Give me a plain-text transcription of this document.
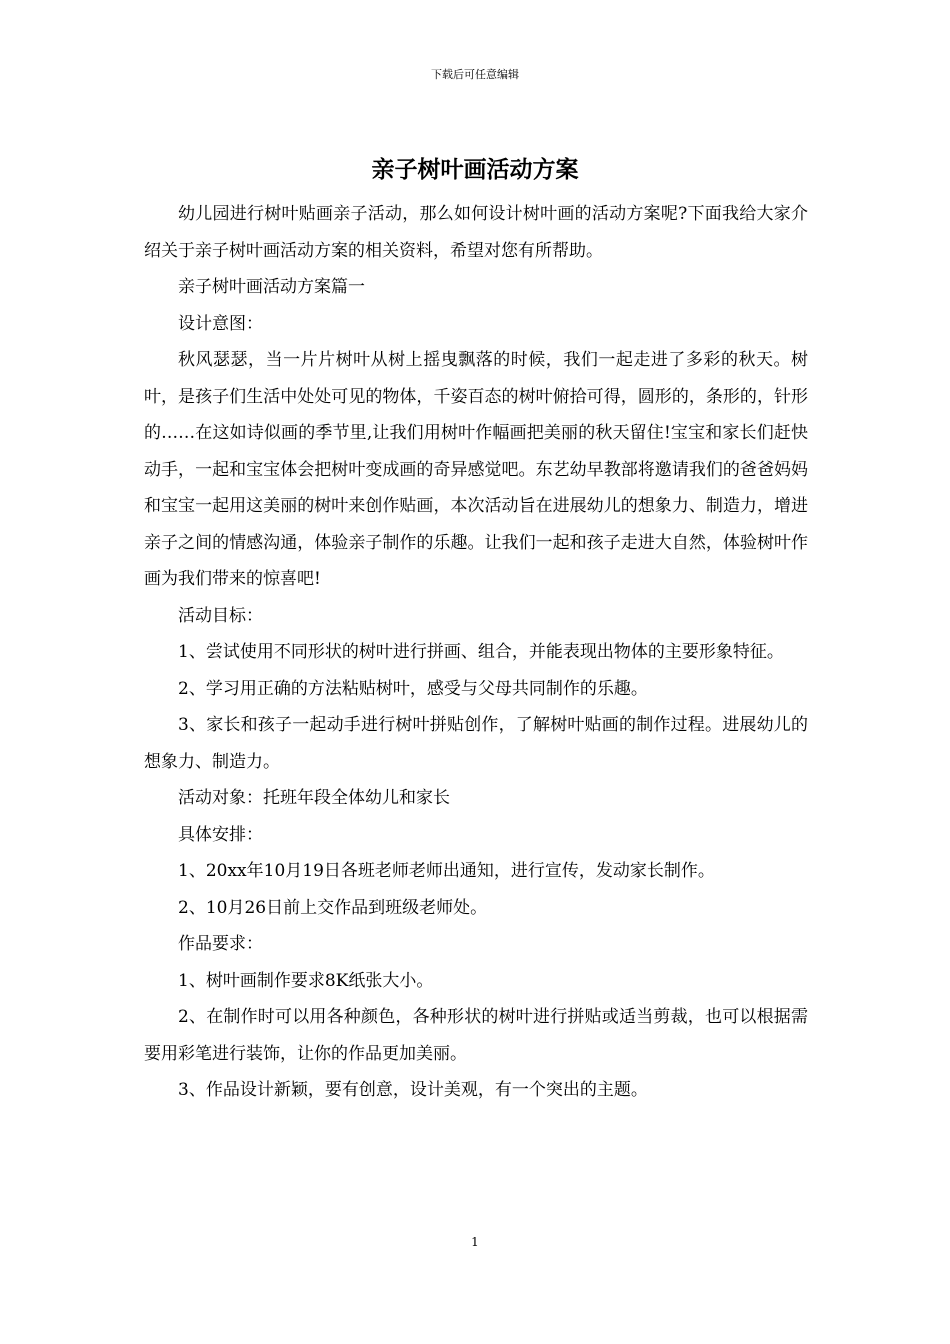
下载后可任意编辑
亲子树叶画活动方案

幼儿园进行树叶贴画亲子活动，那么如何设计树叶画的活动方案呢?下面我给大家介绍关于亲子树叶画活动方案的相关资料，希望对您有所帮助。

亲子树叶画活动方案篇一

设计意图：

秋风瑟瑟，当一片片树叶从树上摇曳飘落的时候，我们一起走进了多彩的秋天。树叶，是孩子们生活中处处可见的物体，千姿百态的树叶俯拾可得，圆形的，条形的，针形的……在这如诗似画的季节里,让我们用树叶作幅画把美丽的秋天留住!宝宝和家长们赶快动手，一起和宝宝体会把树叶变成画的奇异感觉吧。东艺幼早教部将邀请我们的爸爸妈妈和宝宝一起用这美丽的树叶来创作贴画，本次活动旨在进展幼儿的想象力、制造力，增进亲子之间的情感沟通，体验亲子制作的乐趣。让我们一起和孩子走进大自然，体验树叶作画为我们带来的惊喜吧!

活动目标：

1、尝试使用不同形状的树叶进行拼画、组合，并能表现出物体的主要形象特征。

2、学习用正确的方法粘贴树叶，感受与父母共同制作的乐趣。

3、家长和孩子一起动手进行树叶拼贴创作，了解树叶贴画的制作过程。进展幼儿的想象力、制造力。

活动对象：托班年段全体幼儿和家长

具体安排：

1、20xx年10月19日各班老师老师出通知，进行宣传，发动家长制作。

2、10月26日前上交作品到班级老师处。

作品要求：

1、树叶画制作要求8K纸张大小。

2、在制作时可以用各种颜色，各种形状的树叶进行拼贴或适当剪裁，也可以根据需要用彩笔进行装饰，让你的作品更加美丽。

3、作品设计新颖，要有创意，设计美观，有一个突出的主题。

1
